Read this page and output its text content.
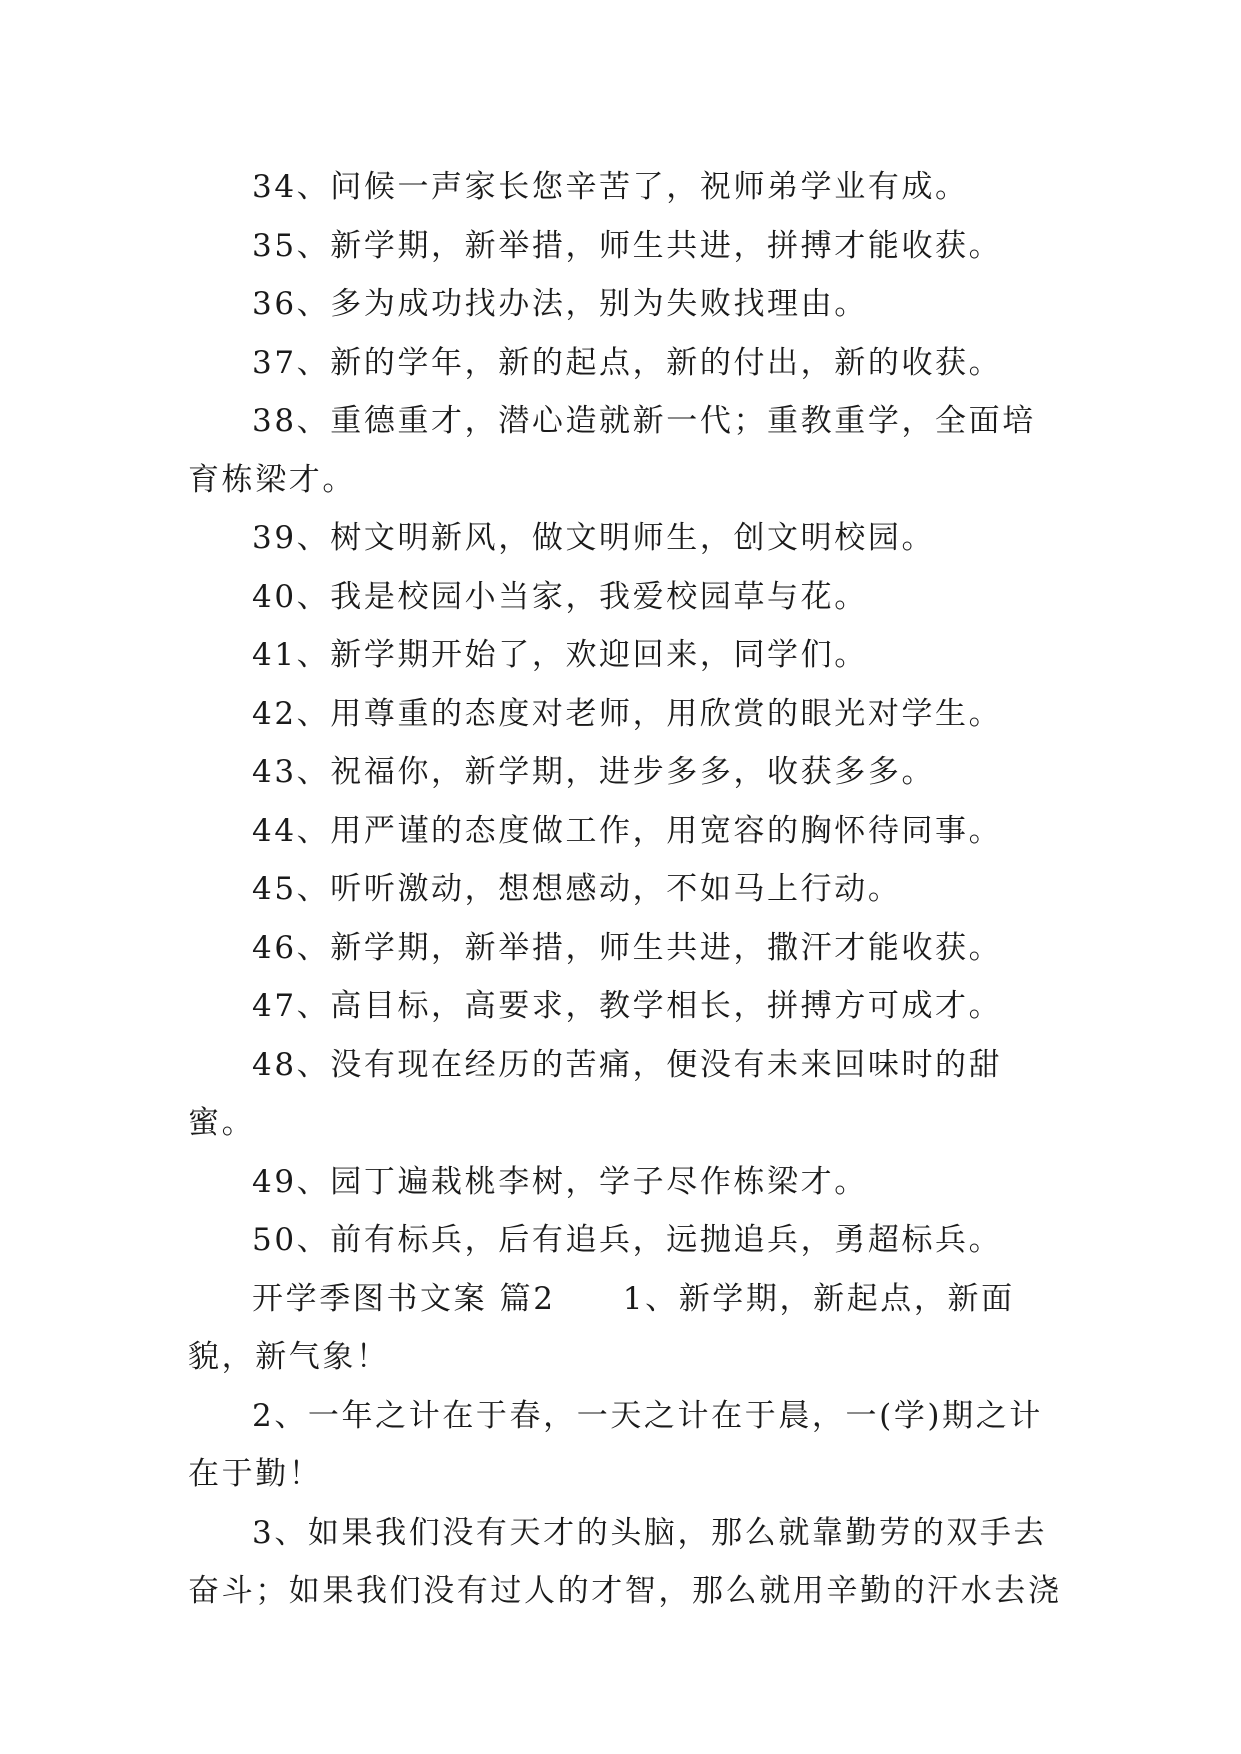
34、问候一声家长您辛苦了，祝师弟学业有成。

35、新学期，新举措，师生共进，拼搏才能收获。

36、多为成功找办法，别为失败找理由。

37、新的学年，新的起点，新的付出，新的收获。

38、重德重才，潜心造就新一代；重教重学，全面培育栋梁才。

39、树文明新风，做文明师生，创文明校园。

40、我是校园小当家，我爱校园草与花。

41、新学期开始了，欢迎回来，同学们。

42、用尊重的态度对老师，用欣赏的眼光对学生。

43、祝福你，新学期，进步多多，收获多多。

44、用严谨的态度做工作，用宽容的胸怀待同事。

45、听听激动，想想感动，不如马上行动。

46、新学期，新举措，师生共进，撒汗才能收获。

47、高目标，高要求，教学相长，拼搏方可成才。

48、没有现在经历的苦痛，便没有未来回味时的甜蜜。

49、园丁遍栽桃李树，学子尽作栋梁才。

50、前有标兵，后有追兵，远抛追兵，勇超标兵。

开学季图书文案 篇2　　1、新学期，新起点，新面貌，新气象！

2、一年之计在于春，一天之计在于晨，一(学)期之计在于勤！

3、如果我们没有天才的头脑，那么就靠勤劳的双手去奋斗；如果我们没有过人的才智，那么就用辛勤的汗水去浇
